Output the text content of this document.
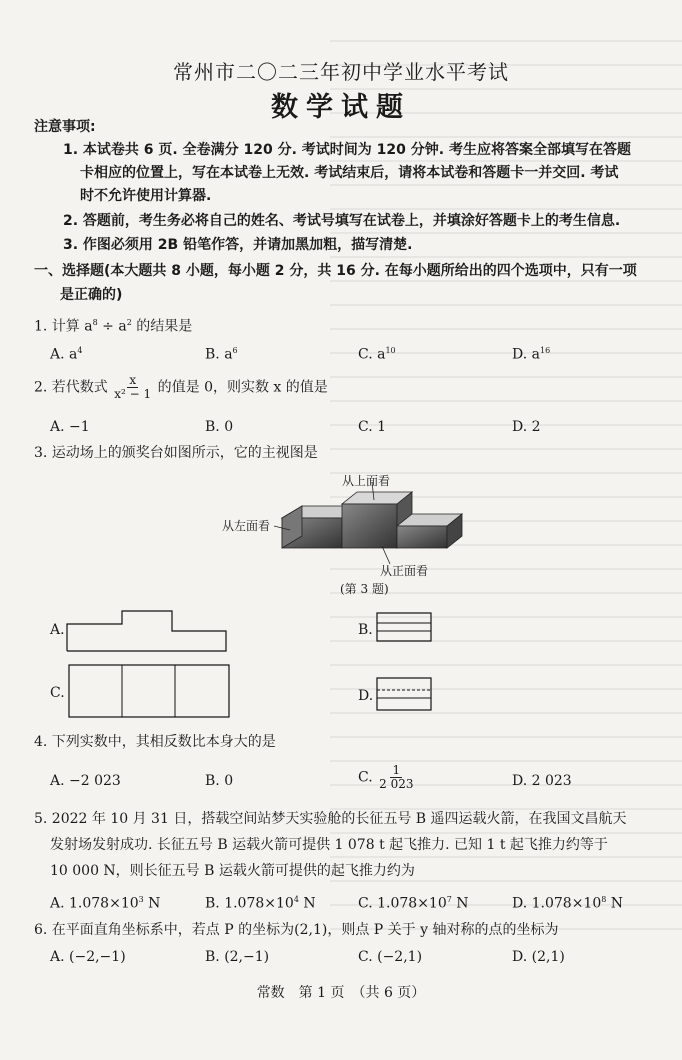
常州市二〇二三年初中学业水平考试
数学试题
注意事项:
1. 本试卷共 6 页. 全卷满分 120 分. 考试时间为 120 分钟. 考生应将答案全部填写在答题
卡相应的位置上，写在本试卷上无效. 考试结束后，请将本试卷和答题卡一并交回. 考试
时不允许使用计算器.
2. 答题前，考生务必将自己的姓名、考试号填写在试卷上，并填涂好答题卡上的考生信息.
3. 作图必须用 2B 铅笔作答，并请加黑加粗，描写清楚.
一、选择题(本大题共 8 小题，每小题 2 分，共 16 分. 在每小题所给出的四个选项中，只有一项
是正确的)
1. 计算 $a^8 \div a^2$ 的结果是
A. $a^4$	B. $a^6$	C. $a^{10}$	D. $a^{16}$
2. 若代数式 $\frac{x}{\text{x² − 1}}$ 的值是 0，则实数 x 的值是
A. −1	B. 0	C. 1	D. 2
3. 运动场上的颁奖台如图所示，它的主视图是
从上面看
从左面看
从正面看
(第 3 题)
A.	B.
C.	D.
4. 下列实数中，其相反数比本身大的是
A. −2 023	B. 0	C. $\frac{1}{2 023}$	D. 2 023
5. 2022 年 10 月 31 日，搭载空间站梦天实验舱的长征五号 B 遥四运载火箭，在我国文昌航天
发射场发射成功. 长征五号 B 运载火箭可提供 1 078 t 起飞推力. 已知 1 t 起飞推力约等于
10 000 N，则长征五号 B 运载火箭可提供的起飞推力约为
A. $1.078\times 10^3$ N	B. $1.078\times 10^4$ N	C. $1.078\times 10^7$ N	D. $1.078\times 10^8$ N
6. 在平面直角坐标系中，若点 P 的坐标为(2,1)，则点 P 关于 y 轴对称的点的坐标为
A. (−2,−1)	B. (2,−1)	C. (−2,1)	D. (2,1)
常数　第 1 页　（共 6 页）
